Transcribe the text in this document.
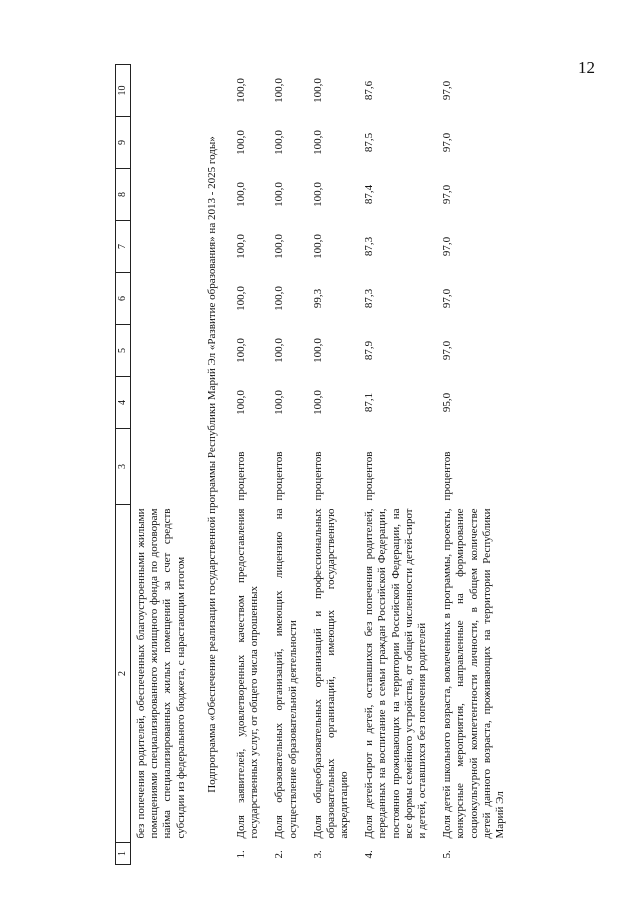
12
1	2	3	4	5	6	7	8	9	10
	без попечения родителей, обеспеченных благоустроенными жилыми помещениями специализированного жилищного фонда по договорам найма специализированных жилых помещений за счет средств субсидии из федерального бюджета, с нарастающим итогом								
Подпрограмма «Обеспечение реализации государственной программы Республики Марий Эл «Развитие образования» на 2013 - 2025 годы»									
1.	Доля заявителей, удовлетворенных качеством предоставления государственных услуг, от общего числа опрошенных	процентов	100,0	100,0	100,0	100,0	100,0	100,0	100,0
2.	Доля образовательных организаций, имеющих лицензию на осуществление образовательной деятельности	процентов	100,0	100,0	100,0	100,0	100,0	100,0	100,0
3.	Доля общеобразовательных организаций и профессиональных образовательных организаций, имеющих государственную аккредитацию	процентов	100,0	100,0	99,3	100,0	100,0	100,0	100,0
4.	Доля детей-сирот и детей, оставшихся без попечения родителей, переданных на воспитание в семьи граждан Российской Федерации, постоянно проживающих на территории Российской Федерации, на все формы семейного устройства, от общей численности детей-сирот и детей, оставшихся без попечения родителей	процентов	87,1	87,9	87,3	87,3	87,4	87,5	87,6
5.	Доля детей школьного возраста, вовлеченных в программы, проекты, конкурсные мероприятия, направленные на формирование социокультурной компетентности личности, в общем количестве детей данного возраста, проживающих на территории Республики Марий Эл	процентов	95,0	97,0	97,0	97,0	97,0	97,0	97,0
